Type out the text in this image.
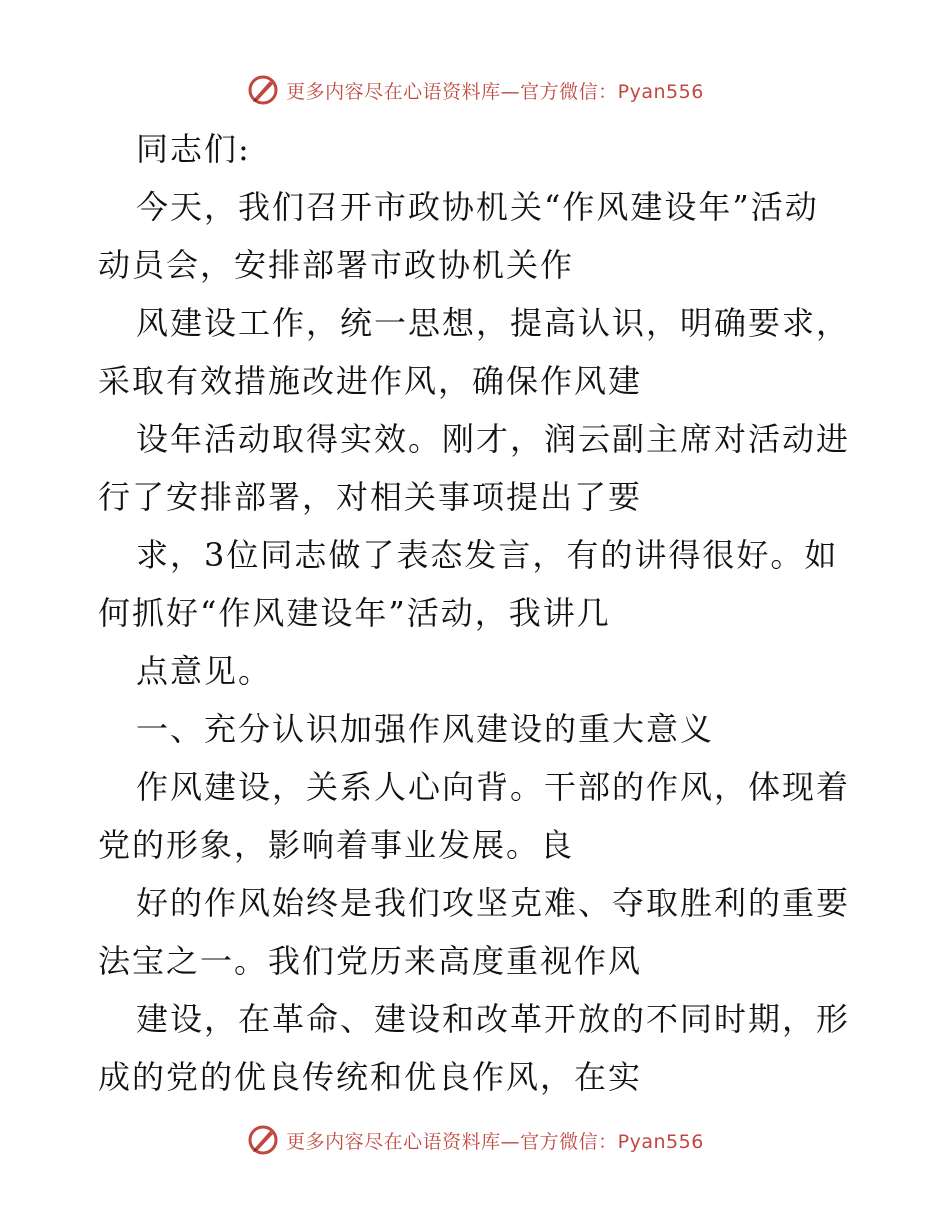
更多内容尽在心语资料库—官方微信：Pyan556

同志们:

今天，我们召开市政协机关“作风建设年”活动

动员会，安排部署市政协机关作

风建设工作，统一思想，提高认识，明确要求，

采取有效措施改进作风，确保作风建

设年活动取得实效。刚才，润云副主席对活动进

行了安排部署，对相关事项提出了要

求，3位同志做了表态发言，有的讲得很好。如

何抓好“作风建设年”活动，我讲几

点意见。

一、充分认识加强作风建设的重大意义

作风建设，关系人心向背。干部的作风，体现着

党的形象，影响着事业发展。良

好的作风始终是我们攻坚克难、夺取胜利的重要

法宝之一。我们党历来高度重视作风

建设，在革命、建设和改革开放的不同时期，形

成的党的优良传统和优良作风，在实

更多内容尽在心语资料库—官方微信：Pyan556
